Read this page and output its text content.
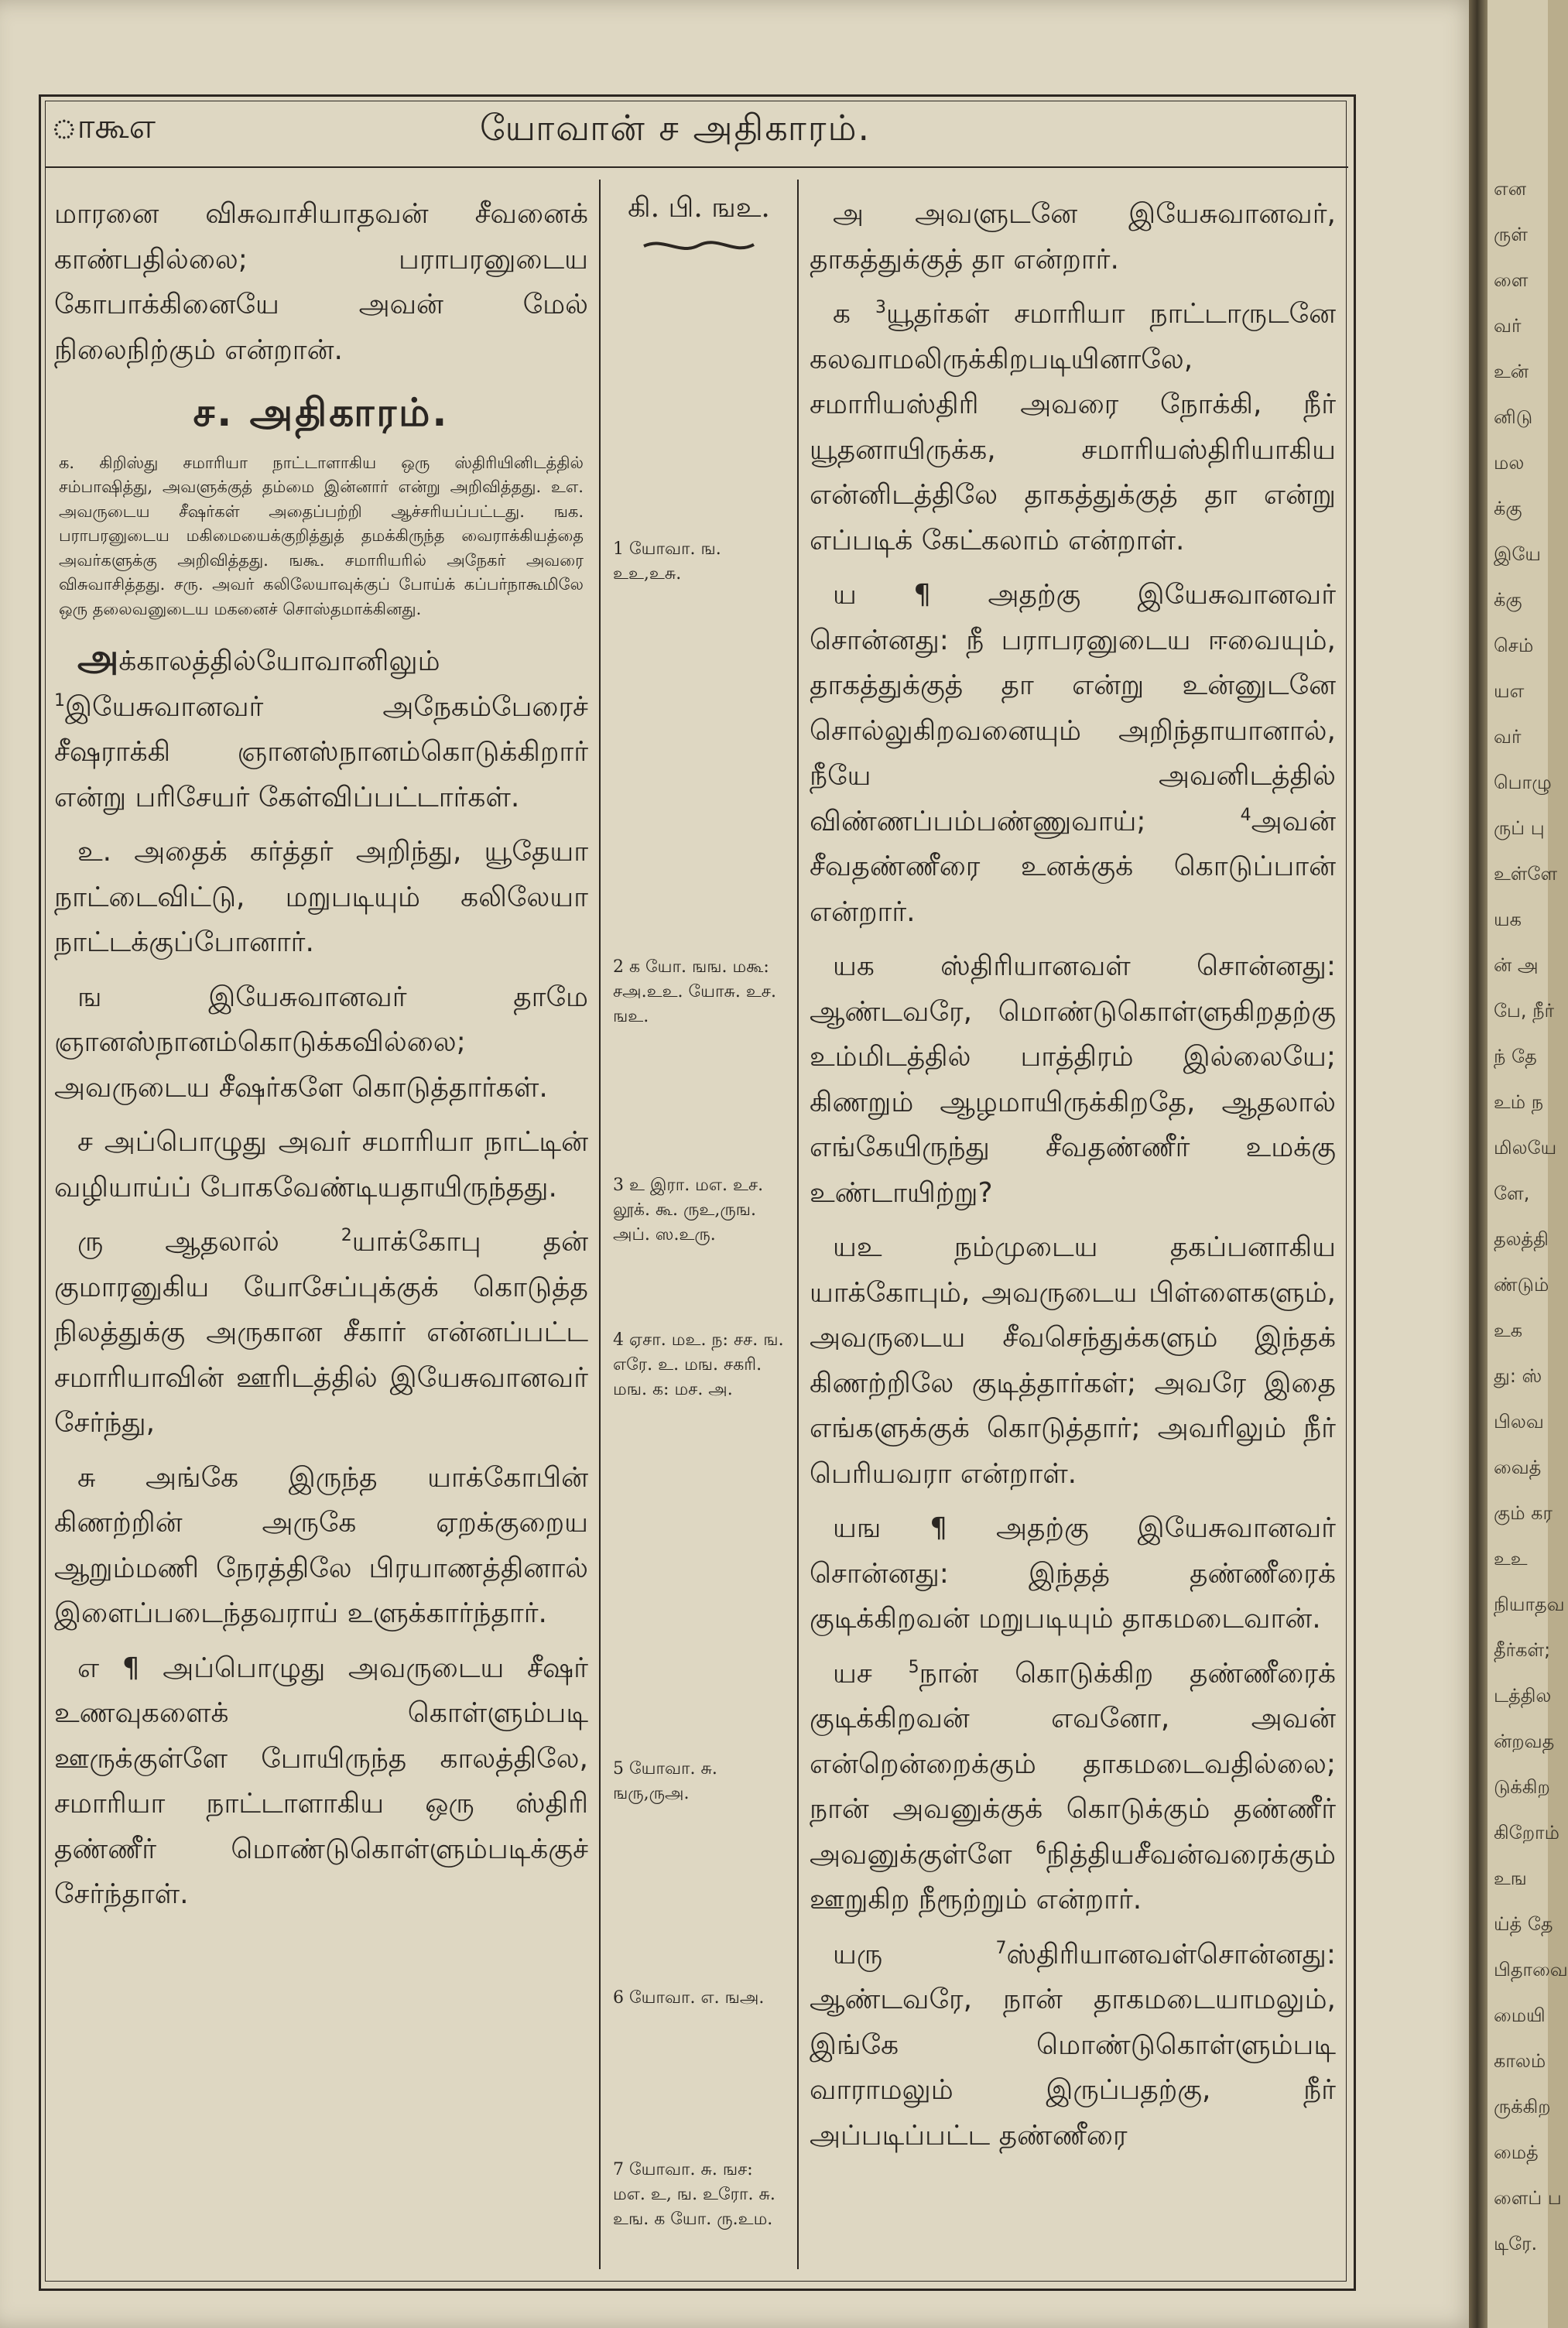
என
ருள்
ளை
வர்
உன்
னிடு
மல
க்கு
இயே
க்கு
செம்
யஎ
வர்
பொழு
ருப் பு
உள்ளே
யக
ன் அ
பே, நீர்
ந் தே
உம் ந
மிலயே
ளே,
தலத்தி
ண்டும்
உக
து: ஸ்
பிலவ
வைத்
கும் கர
உஉ
நியாதவ
தீர்கள்;
டத்தில
ன்றவத
டுக்கிற
கிறோம்
உங
ய்த் தே
பிதாவை
மையி
காலம்
ருக்கிற
மைத்
ளைப் ப
டிரே.
ாகூஎ	யோவான் ச அதிகாரம்.

மாரனை விசுவாசியாதவன் சீவனைக் காண்பதில்லை; பராபரனுடைய கோபாக்கினையே அவன் மேல் நிலைநிற்கும் என்றான்.

ச. அதிகாரம்.
க. கிறிஸ்து சமாரியா நாட்டாளாகிய ஒரு ஸ்திரியினிடத்தில் சம்பாஷித்து, அவளுக்குத் தம்மை இன்னார் என்று அறிவித்தது. உஎ. அவருடைய சீஷர்கள் அதைப்பற்றி ஆச்சரியப்பட்டது. ஙக. பராபரனுடைய மகிமையைக்குறித்துத் தமக்கிருந்த வைராக்கியத்தை அவர்களுக்கு அறிவித்தது. ஙகூ. சமாரியரில் அநேகர் அவரை விசுவாசித்தது. சரு. அவர் கலிலேயாவுக்குப் போய்க் கப்பர்நாகூமிலே ஒரு தலைவனுடைய மகனைச் சொஸ்தமாக்கினது.

அக்காலத்தில்யோவானிலும் $^1$இயேசுவானவர் அநேகம்பேரைச் சீஷராக்கி ஞானஸ்நானம்கொடுக்கிறார் என்று பரிசேயர் கேள்விப்பட்டார்கள்.

உ. அதைக் கர்த்தர் அறிந்து, யூதேயா நாட்டைவிட்டு, மறுபடியும் கலிலேயா நாட்டக்குப்போனார்.

ங இயேசுவானவர் தாமே ஞானஸ்நானம்கொடுக்கவில்லை; அவருடைய சீஷர்களே கொடுத்தார்கள்.

ச அப்பொழுது அவர் சமாரியா நாட்டின் வழியாய்ப் போகவேண்டியதாயிருந்தது.

ரு ஆதலால் $^2$யாக்கோபு தன் குமாரனுகிய யோசேப்புக்குக் கொடுத்த நிலத்துக்கு அருகான சீகார் என்னப்பட்ட சமாரியாவின் ஊரிடத்தில் இயேசுவானவர் சேர்ந்து,

சு அங்கே இருந்த யாக்கோபின் கிணற்றின் அருகே ஏறக்குறைய ஆறும்மணி நேரத்திலே பிரயாணத்தினால் இளைப்படைந்தவராய் உளுக்கார்ந்தார்.

எ ¶ அப்பொழுது அவருடைய சீஷர் உணவுகளைக் கொள்ளும்படி ஊருக்குள்ளே போயிருந்த காலத்திலே, சமாரியா நாட்டாளாகிய ஒரு ஸ்திரி தண்ணீர் மொண்டுகொள்ளும்படிக்குச் சேர்ந்தாள்.

கி. பி. ஙஉ.
1 யோவா. ங. உஉ,உசு.
2 க யோ. ஙங. மகூ: சஅ.உஉ. யோசு. உச. ஙஉ.
3 உ இரா. மஎ. உச. லூக். கூ. ருஉ,ருங. அப். ஸ.உரு.
4 ஏசா. மஉ. ந: சச. ங. எரே. உ. மங. சகரி. மங. க: மச. அ.
5 யோவா. சு. ஙரு,ருஅ.
6 யோவா. எ. ஙஅ.
7 யோவா. சு. ஙச: மஎ. உ, ங. உரோ. சு. உங. க யோ. ரு.உம.

அ அவளுடனே இயேசுவானவர், தாகத்துக்குத் தா என்றார்.

க $^3$யூதர்கள் சமாரியா நாட்டாருடனே கலவாமலிருக்கிறபடியினாலே, சமாரியஸ்திரி அவரை நோக்கி, நீர் யூதனாயிருக்க, சமாரியஸ்திரியாகிய என்னிடத்திலே தாகத்துக்குத் தா என்று எப்படிக் கேட்கலாம் என்றாள்.

ய ¶ அதற்கு இயேசுவானவர் சொன்னது: நீ பராபரனுடைய ஈவையும், தாகத்துக்குத் தா என்று உன்னுடனே சொல்லுகிறவனையும் அறிந்தாயானால், நீயே அவனிடத்தில் விண்ணப்பம்பண்ணுவாய்; $^4$அவன் சீவதண்ணீரை உனக்குக் கொடுப்பான் என்றார்.

யக ஸ்திரியானவள் சொன்னது: ஆண்டவரே, மொண்டுகொள்ளுகிறதற்கு உம்மிடத்தில் பாத்திரம் இல்லையே; கிணறும் ஆழமாயிருக்கிறதே, ஆதலால் எங்கேயிருந்து சீவதண்ணீர் உமக்கு உண்டாயிற்று?

யஉ நம்முடைய தகப்பனாகிய யாக்கோபும், அவருடைய பிள்ளைகளும், அவருடைய சீவசெந்துக்களும் இந்தக் கிணற்றிலே குடித்தார்கள்; அவரே இதை எங்களுக்குக் கொடுத்தார்; அவரிலும் நீர் பெரியவரா என்றாள்.

யங ¶ அதற்கு இயேசுவானவர் சொன்னது: இந்தத் தண்ணீரைக் குடிக்கிறவன் மறுபடியும் தாகமடைவான்.

யச $^5$நான் கொடுக்கிற தண்ணீரைக் குடிக்கிறவன் எவனோ, அவன் என்றென்றைக்கும் தாகமடைவதில்லை; நான் அவனுக்குக் கொடுக்கும் தண்ணீர் அவனுக்குள்ளே $^6$நித்தியசீவன்வரைக்கும் ஊறுகிற நீரூற்றும் என்றார்.

யரு $^7$ஸ்திரியானவள்சொன்னது: ஆண்டவரே, நான் தாகமடையாமலும், இங்கே மொண்டுகொள்ளும்படி வாராமலும் இருப்பதற்கு, நீர் அப்படிப்பட்ட தண்ணீரை
